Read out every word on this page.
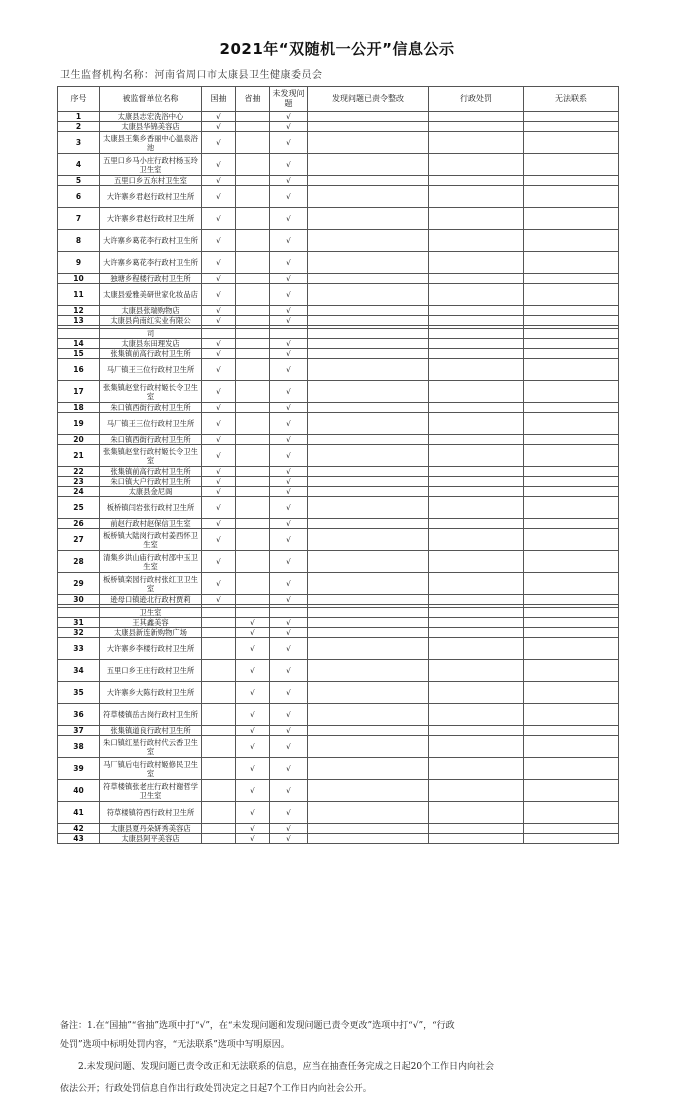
2021年“双随机一公开”信息公示
卫生监督机构名称：河南省周口市太康县卫生健康委员会
序号	被监督单位名称	国抽	省抽	未发现问题	发现问题已责令整改	行政处罚	无法联系
1	太康县志宏洗浴中心	√		√			
2	太康县华锦美容店	√		√			
3	太康县王集乡香丽中心温泉浴池	√		√			
4	五里口乡马小庄行政村杨玉玲卫生室	√		√			
5	五里口乡五东村卫生室	√		√			
6	大许寨乡君赵行政村卫生所	√		√			
7	大许寨乡君赵行政村卫生所	√		√			
8	大许寨乡葛花李行政村卫生所	√		√			
9	大许寨乡葛花李行政村卫生所	√		√			
10	独塘乡程楼行政村卫生所	√		√			
11	太康县爱雅美研世家化妆品店	√		√			
12	太康县张瑞购物店	√		√			
13	太康县尚南红实业有限公	√		√			

	司						
14	太康县东田理发店	√		√			
15	张集镇前高行政村卫生所	√		√			
16	马厂镇王三位行政村卫生所	√		√			
17	张集镇赵堂行政村姬长令卫生室	√		√			
18	朱口镇西街行政村卫生所	√		√			
19	马厂镇王三位行政村卫生所	√		√			
20	朱口镇西街行政村卫生所	√		√			
21	张集镇赵堂行政村姬长令卫生室	√		√			
22	张集镇前高行政村卫生所	√		√			
23	朱口镇大户行政村卫生所	√		√			
24	太康县金尼阁	√		√			
25	板桥镇闫岩张行政村卫生所	√		√			
26	前赵行政村赵保信卫生室	√		√			
27	板桥镇大陆岗行政村姜西怀卫生室	√		√			
28	清集乡洪山庙行政村邵中玉卫生室	√		√			
29	板桥镇栾园行政村张红卫卫生室	√		√			
30	逊母口镇逊北行政村贾莉	√		√			

	卫生室						
31	王其鑫美容		√	√			
32	太康县新连新购物广场		√	√			
33	大许寨乡李楼行政村卫生所		√	√			
34	五里口乡王庄行政村卫生所		√	√			
35	大许寨乡大陈行政村卫生所		√	√			
36	符草楼镇岳古岗行政村卫生所		√	√			
37	张集镇道良行政村卫生所		√	√			
38	朱口镇红星行政村代云香卫生室		√	√			
39	马厂镇后屯行政村姬修民卫生室		√	√			
40	符草楼镇张老庄行政村谢哲学卫生室		√	√			
41	符草楼镇符西行政村卫生所		√	√			
42	太康县夏丹朵妍秀美容店		√	√			
43	太康县阿平美容店		√	√			
备注：1.在“国抽”“省抽”选项中打“√”，在“未发现问题和发现问题已责令更改”选项中打“√”，“行政
处罚”选项中标明处罚内容，“无法联系”选项中写明原因。
　　2.未发现问题、发现问题已责令改正和无法联系的信息，应当在抽查任务完成之日起20个工作日内向社会
依法公开；行政处罚信息自作出行政处罚决定之日起7个工作日内向社会公开。
